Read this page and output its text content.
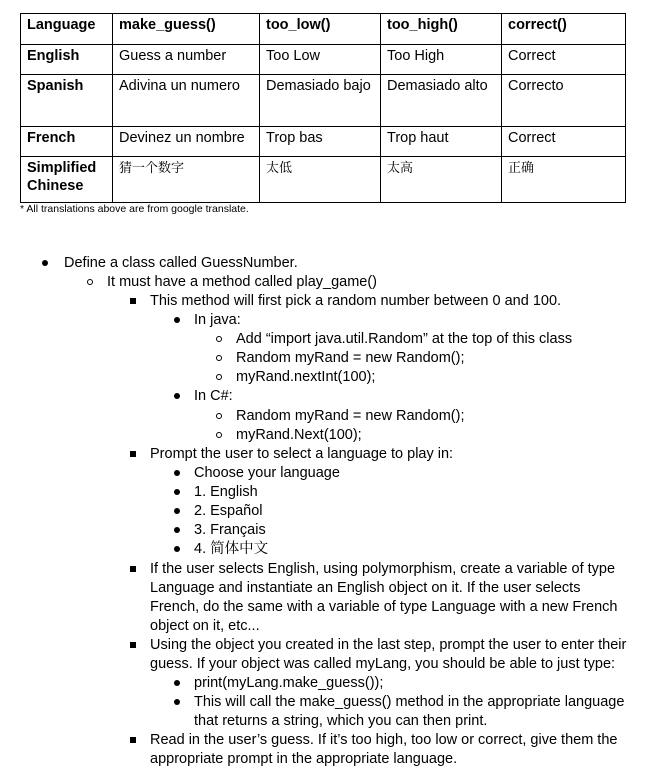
Language	make_guess()	too_low()	too_high()	correct()
English	Guess a number	Too Low	Too High	Correct
Spanish	Adivina un numero	Demasiado bajo	Demasiado alto	Correcto
French	Devinez un nombre	Trop bas	Trop haut	Correct
Simplified Chinese	猜一个数字	太低	太高	正确
* All translations above are from google translate.
Define a class called GuessNumber.
It must have a method called play_game()
This method will first pick a random number between 0 and 100.
In java:
Add “import java.util.Random” at the top of this class
Random myRand = new Random();
myRand.nextInt(100);
In C#:
Random myRand = new Random();
myRand.Next(100);
Prompt the user to select a language to play in:
Choose your language
1. English
2. Español
3. Français
4. 简体中文
If the user selects English, using polymorphism, create a variable of type
Language and instantiate an English object on it. If the user selects
French, do the same with a variable of type Language with a new French
object on it, etc...
Using the object you created in the last step, prompt the user to enter their
guess. If your object was called myLang, you should be able to just type:
print(myLang.make_guess());
This will call the make_guess() method in the appropriate language
that returns a string, which you can then print.
Read in the user’s guess. If it’s too high, too low or correct, give them the
appropriate prompt in the appropriate language.
